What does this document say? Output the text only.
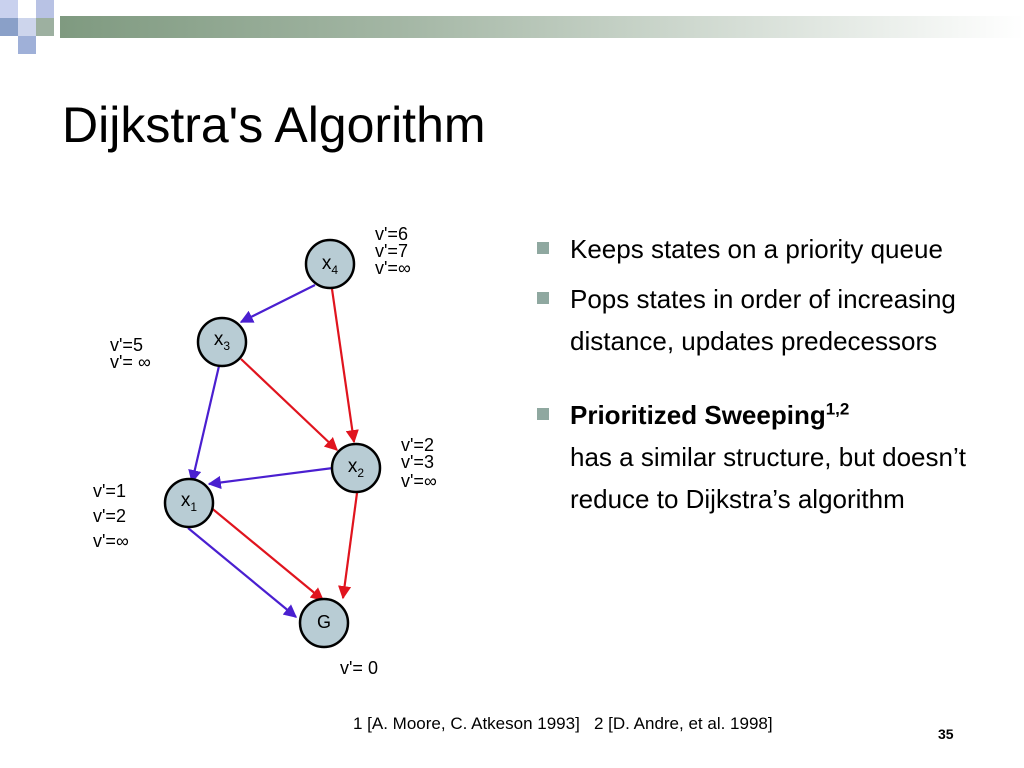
Dijkstra's Algorithm
$x_4$
$x_3$
$x_2$
$x_1$
G
v'=6
v'=7
v'=∞
v'=5
v'= ∞
v'=2
v'=3
v'=∞
v'=1
v'=2
v'=∞
v'= 0
Keeps states on a priority queue
Pops states in order of increasing distance, updates predecessors
Prioritized Sweeping$^{1,2}$
has a similar structure, but doesn’t reduce to Dijkstra’s algorithm
1 [A. Moore, C. Atkeson 1993]   2 [D. Andre, et al. 1998]
35
